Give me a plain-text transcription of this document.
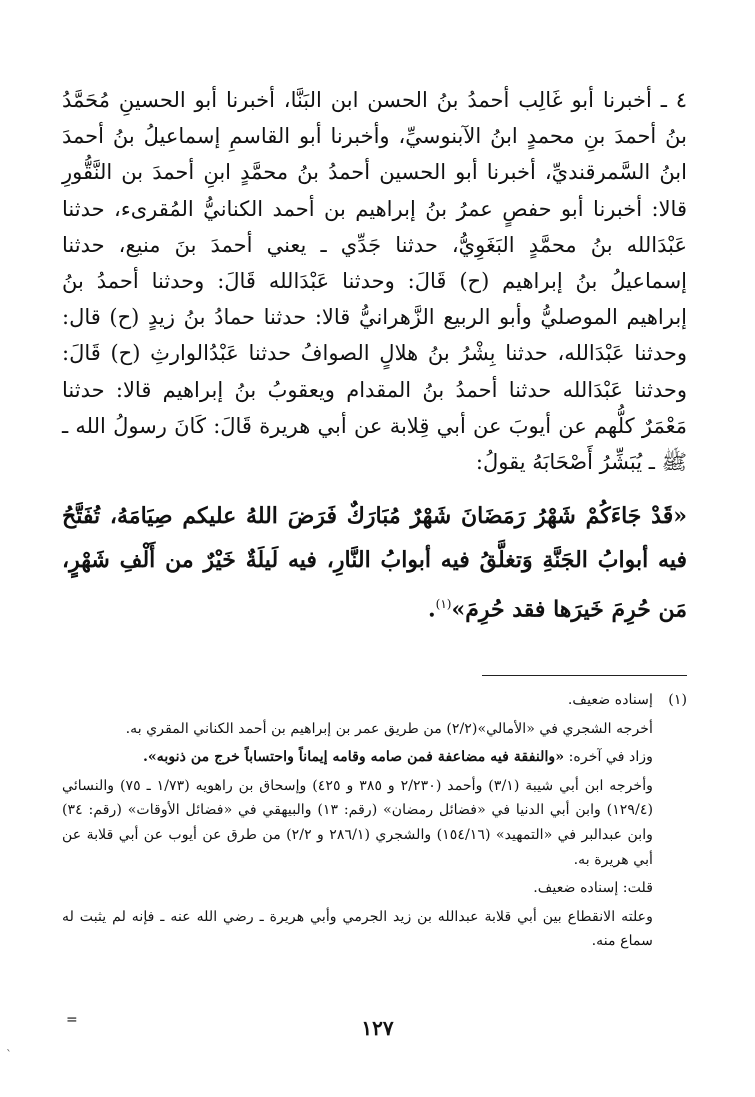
٤ ـ أخبرنا أبو غَالِب أحمدُ بنُ الحسن ابن البَنَّا، أخبرنا أبو الحسينِ مُحَمَّدُ بنُ أحمدَ بنِ محمدٍ ابنُ الآبنوسيِّ، وأخبرنا أبو القاسمِ إسماعيلُ بنُ أحمدَ ابنُ السَّمرقنديِّ، أخبرنا أبو الحسين أحمدُ بنُ محمَّدٍ ابنِ أحمدَ بن النَّقُّورِ قالا: أخبرنا أبو حفصٍ عمرُ بنُ إبراهيم بن أحمد الكنانيُّ المُقرىء، حدثنا عَبْدَالله بنُ محمَّدٍ البَغَوِيُّ، حدثنا جَدِّي ـ يعني أحمدَ بنَ منيع، حدثنا إسماعيلُ بنُ إبراهيم (ح) قَالَ: وحدثنا عَبْدَالله قَالَ: وحدثنا أحمدُ بنُ إبراهيم الموصليُّ وأبو الربيع الزَّهرانيُّ قالا: حدثنا حمادُ بنُ زيدٍ (ح) قال: وحدثنا عَبْدَالله، حدثنا بِشْرُ بنُ هلالٍ الصوافُ حدثنا عَبْدُالوارثِ (ح) قَالَ: وحدثنا عَبْدَالله حدثنا أحمدُ بنُ المقدام ويعقوبُ بنُ إبراهيم قالا: حدثنا مَعْمَرٌ كلُّهم عن أيوبَ عن أبي قِلابة عن أبي هريرة قَالَ: كَانَ رسولُ الله ـ ﷺ ـ يُبَشِّرُ أَصْحَابَهُ يقولُ:

«قَدْ جَاءَكُمْ شَهْرُ رَمَضَانَ شَهْرٌ مُبَارَكٌ فَرَضَ اللهُ عليكم صِيَامَهُ، تُفَتَّحُ فيه أبوابُ الجَنَّةِ وَتغلَّقُ فيه أبوابُ النَّارِ، فيه لَيلَةٌ خَيْرٌ من أَلْفِ شَهْرٍ، مَن حُرِمَ خَيرَها فقد حُرِمَ»$^{(١)}$.

(١)

إسناده ضعيف.

أخرجه الشجري في «الأمالي»(٢/٢) من طريق عمر بن إبراهيم بن أحمد الكناني المقري به.

وزاد في آخره: «والنفقة فيه مضاعفة فمن صامه وقامه إيماناً واحتساباً خرج من ذنوبه».

وأخرجه ابن أبي شيبة (٣/١) وأحمد (٢/٢٣٠ و ٣٨٥ و ٤٢٥) وإسحاق بن راهويه (١/٧٣ ـ ٧٥) والنسائي (١٢٩/٤) وابن أبي الدنيا في «فضائل رمضان» (رقم: ١٣) والبيهقي في «فضائل الأوقات» (رقم: ٣٤) وابن عبدالبر في «التمهيد» (١٥٤/١٦) والشجري (٢٨٦/١ و ٢/٢) من طرق عن أيوب عن أبي قلابة عن أبي هريرة به.

قلت: إسناده ضعيف.

وعلته الانقطاع بين أبي قلابة عبدالله بن زيد الجرمي وأبي هريرة ـ رضي الله عنه ـ فإنه لم يثبت له سماع منه.

=	١٢٧
`
